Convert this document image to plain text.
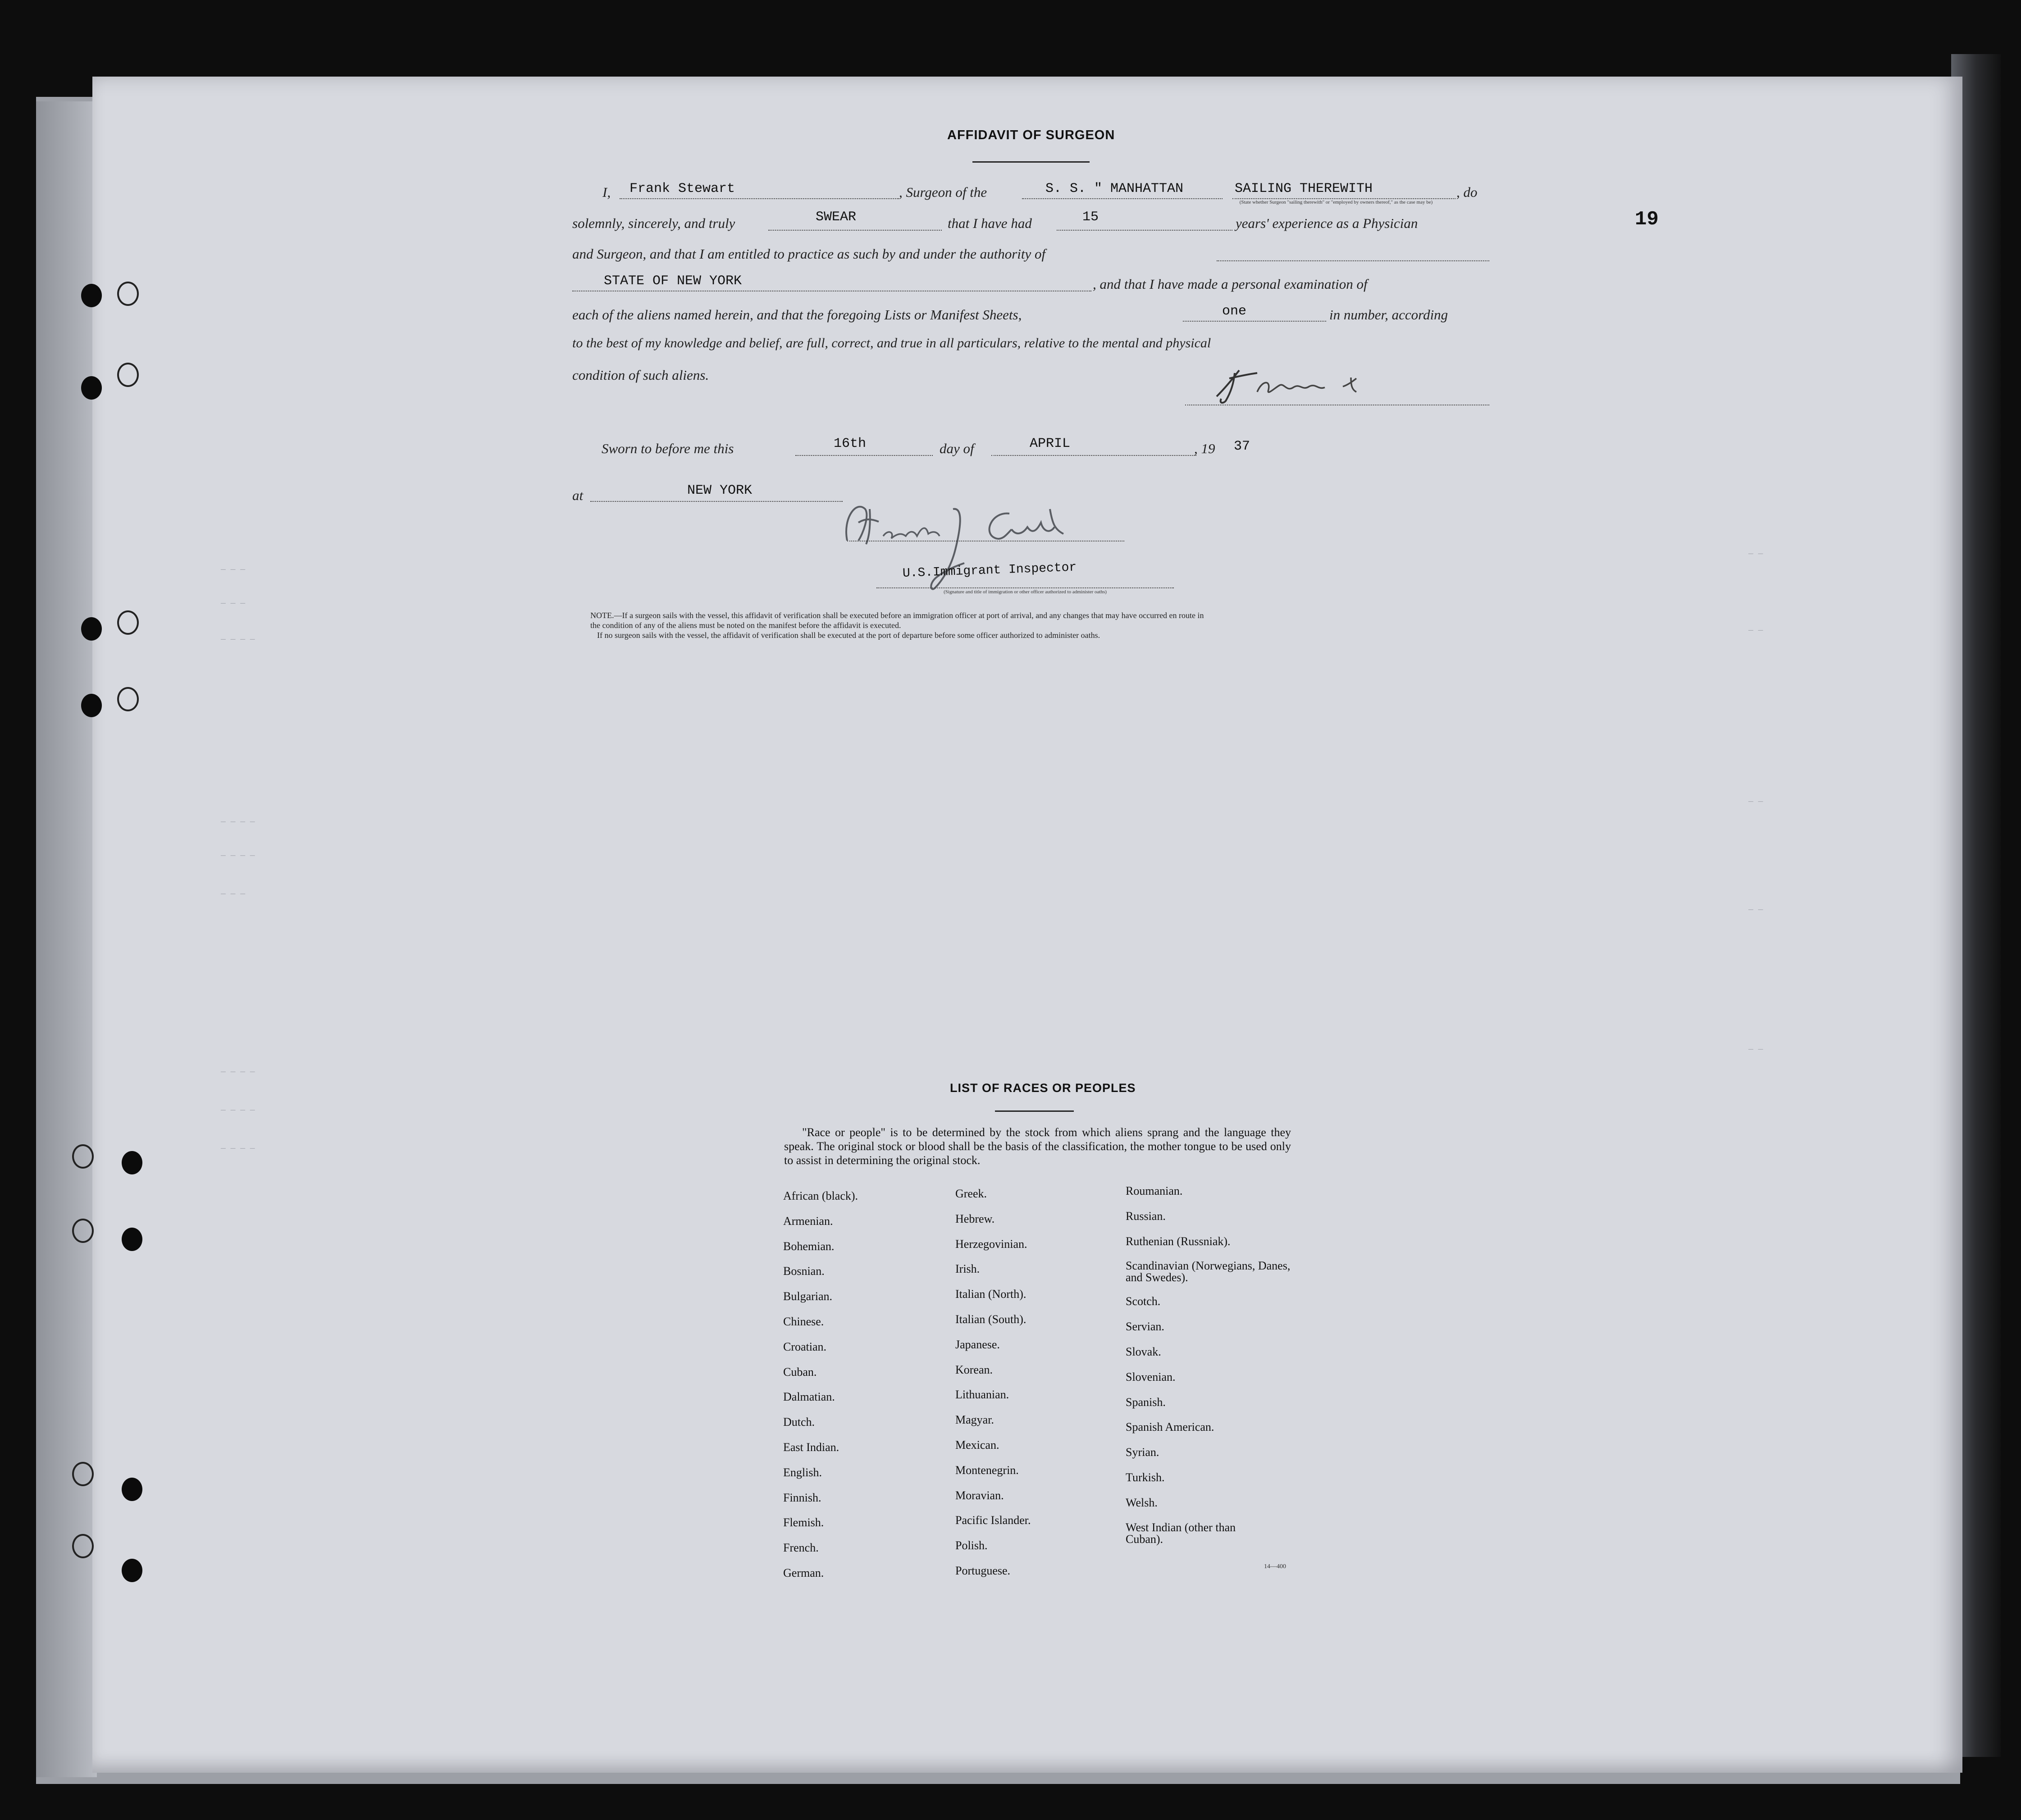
— — —
— — —
— — — —
— — — —
— — — —
— — —
— — — —
— — — —
— — — —
— —
— —
— —
— —
— —
19
AFFIDAVIT OF SURGEON
I, Frank Stewart	, Surgeon of the	S. S. " MANHATTAN	SAILING THEREWITH	, do
(State whether Surgeon "sailing therewith" or "employed by owners thereof," as the case may be)
solemnly, sincerely, and truly	SWEAR	that I have had	15	years' experience as a Physician
and Surgeon, and that I am entitled to practice as such by and under the authority of
STATE OF NEW YORK	, and that I have made a personal examination of
each of the aliens named herein, and that the foregoing Lists or Manifest Sheets,	one	in number, according
to the best of my knowledge and belief, are full, correct, and true in all particulars, relative to the mental and physical
condition of such aliens.
Sworn to before me this	16th	day of	APRIL	, 19 37
at	NEW YORK
U.S.Immigrant Inspector
(Signature and title of immigration or other officer authorized to administer oaths)
NOTE.—If a surgeon sails with the vessel, this affidavit of verification shall be executed before an immigration officer at port of arrival, and any changes that may have occurred en route in
the condition of any of the aliens must be noted on the manifest before the affidavit is executed.
If no surgeon sails with the vessel, the affidavit of verification shall be executed at the port of departure before some officer authorized to administer oaths.
LIST OF RACES OR PEOPLES
"Race or people" is to be determined by the stock from which aliens sprang and the language they speak. The original stock or blood shall be the basis of the classification, the mother tongue to be used only to assist in determining the original stock.
African (black).
Armenian.
Bohemian.
Bosnian.
Bulgarian.
Chinese.
Croatian.
Cuban.
Dalmatian.
Dutch.
East Indian.
English.
Finnish.
Flemish.
French.
German.
Greek.
Hebrew.
Herzegovinian.
Irish.
Italian (North).
Italian (South).
Japanese.
Korean.
Lithuanian.
Magyar.
Mexican.
Montenegrin.
Moravian.
Pacific Islander.
Polish.
Portuguese.
Roumanian.
Russian.
Ruthenian (Russniak).
Scandinavian (Norwegians, Danes, and Swedes).
Scotch.
Servian.
Slovak.
Slovenian.
Spanish.
Spanish American.
Syrian.
Turkish.
Welsh.
West Indian (other than Cuban).
14—400
